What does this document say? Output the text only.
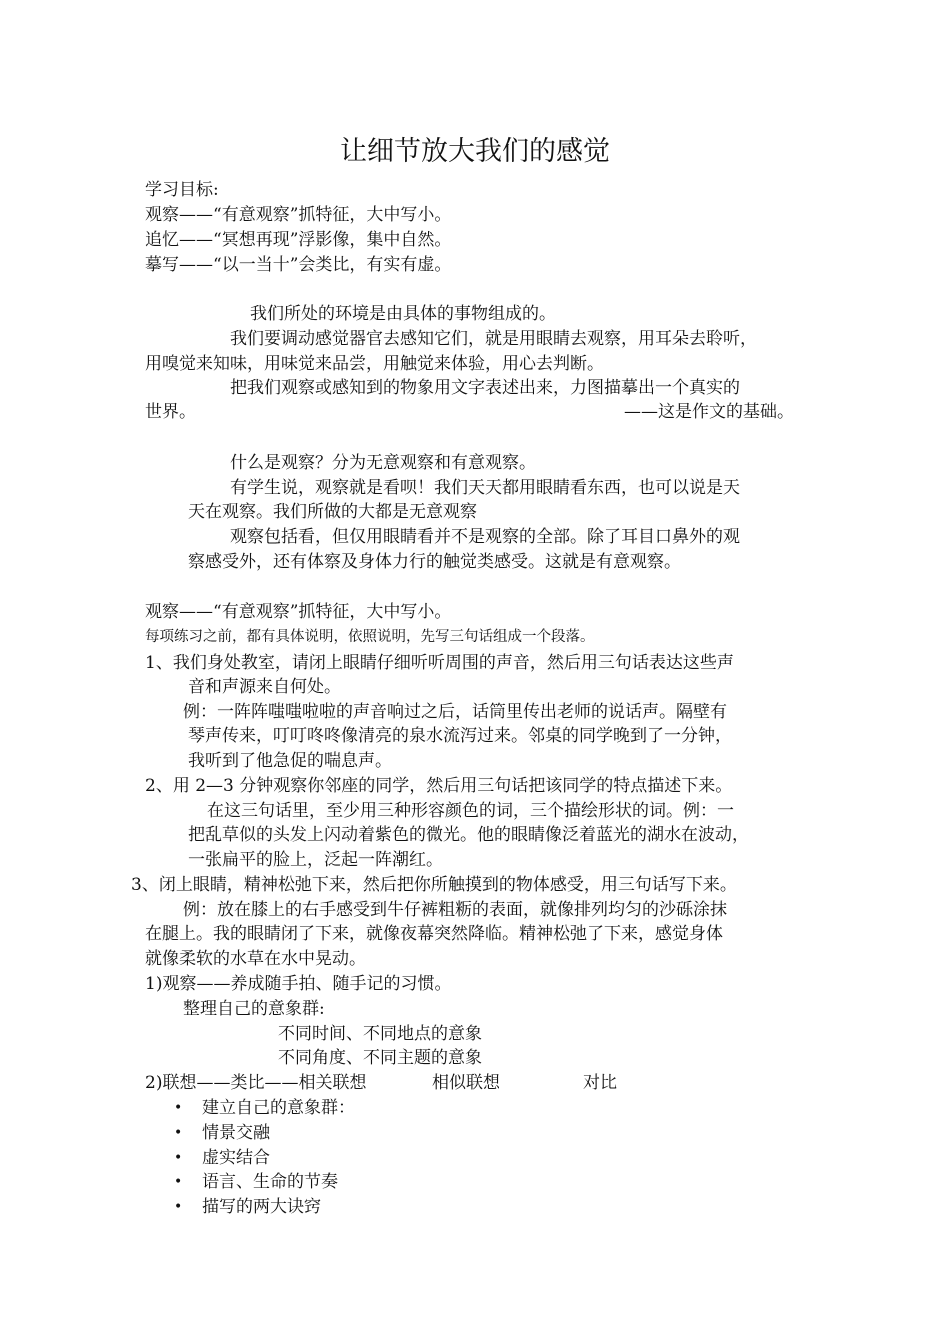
让细节放大我们的感觉
学习目标:
观察——“有意观察”抓特征，大中写小。
追忆——“冥想再现”浮影像，集中自然。
摹写——“以一当十”会类比，有实有虚。
我们所处的环境是由具体的事物组成的。
我们要调动感觉器官去感知它们，就是用眼睛去观察，用耳朵去聆听，
用嗅觉来知味，用味觉来品尝，用触觉来体验，用心去判断。
把我们观察或感知到的物象用文字表述出来，力图描摹出一个真实的
世界。	——这是作文的基础。
什么是观察？分为无意观察和有意观察。
有学生说，观察就是看呗！我们天天都用眼睛看东西，也可以说是天
天在观察。我们所做的大都是无意观察
观察包括看，但仅用眼睛看并不是观察的全部。除了耳目口鼻外的观
察感受外，还有体察及身体力行的触觉类感受。这就是有意观察。
观察——“有意观察”抓特征，大中写小。
每项练习之前，都有具体说明，依照说明，先写三句话组成一个段落。
1、我们身处教室，请闭上眼睛仔细听听周围的声音，然后用三句话表达这些声
音和声源来自何处。
例：一阵阵嗤嗤啦啦的声音响过之后，话筒里传出老师的说话声。隔壁有
琴声传来，叮叮咚咚像清亮的泉水流泻过来。邻桌的同学晚到了一分钟，
我听到了他急促的喘息声。
2、用 2—3 分钟观察你邻座的同学，然后用三句话把该同学的特点描述下来。
在这三句话里，至少用三种形容颜色的词，三个描绘形状的词。例：一
把乱草似的头发上闪动着紫色的微光。他的眼睛像泛着蓝光的湖水在波动，
一张扁平的脸上，泛起一阵潮红。
3、闭上眼睛，精神松弛下来，然后把你所触摸到的物体感受，用三句话写下来。
例：放在膝上的右手感受到牛仔裤粗粝的表面，就像排列均匀的沙砾涂抹
在腿上。我的眼睛闭了下来，就像夜幕突然降临。精神松弛了下来，感觉身体
就像柔软的水草在水中晃动。
1)观察——养成随手拍、随手记的习惯。
整理自己的意象群:
不同时间、不同地点的意象
不同角度、不同主题的意象
2)联想——类比——相关联想	相似联想	对比
• 建立自己的意象群：
• 情景交融
• 虚实结合
• 语言、生命的节奏
• 描写的两大诀窍
